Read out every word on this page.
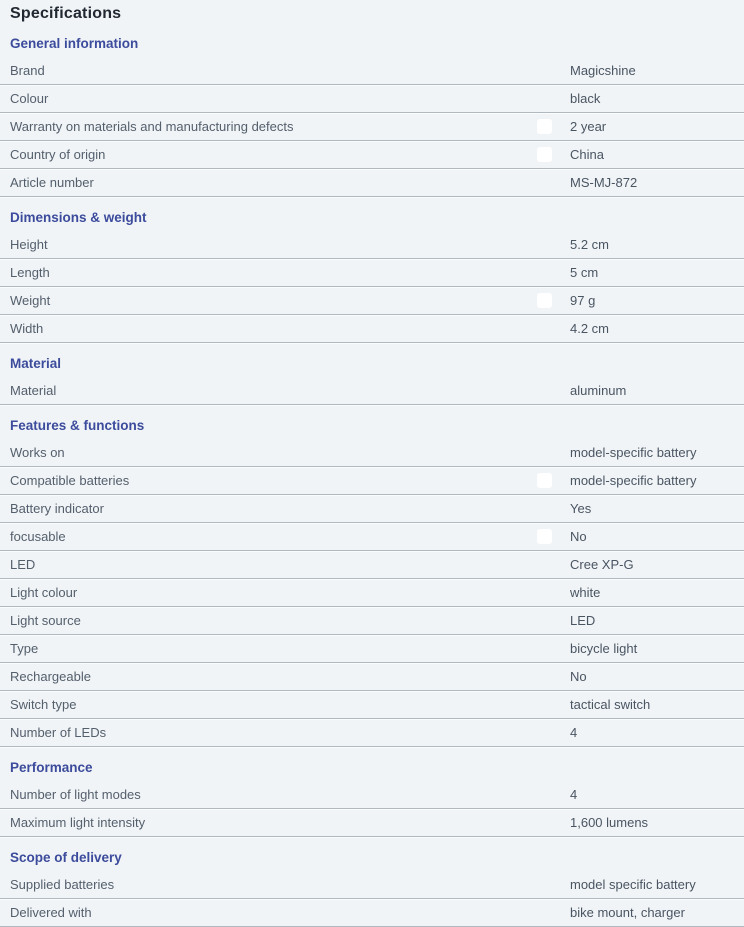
Specifications
General information
Brand	Magicshine
Colour	black
Warranty on materials and manufacturing defects	2 year
Country of origin	China
Article number	MS-MJ-872
Dimensions & weight
Height	5.2 cm
Length	5 cm
Weight	97 g
Width	4.2 cm
Material
Material	aluminum
Features & functions
Works on	model-specific battery
Compatible batteries	model-specific battery
Battery indicator	Yes
focusable	No
LED	Cree XP-G
Light colour	white
Light source	LED
Type	bicycle light
Rechargeable	No
Switch type	tactical switch
Number of LEDs	4
Performance
Number of light modes	4
Maximum light intensity	1,600 lumens
Scope of delivery
Supplied batteries	model specific battery
Delivered with	bike mount, charger
